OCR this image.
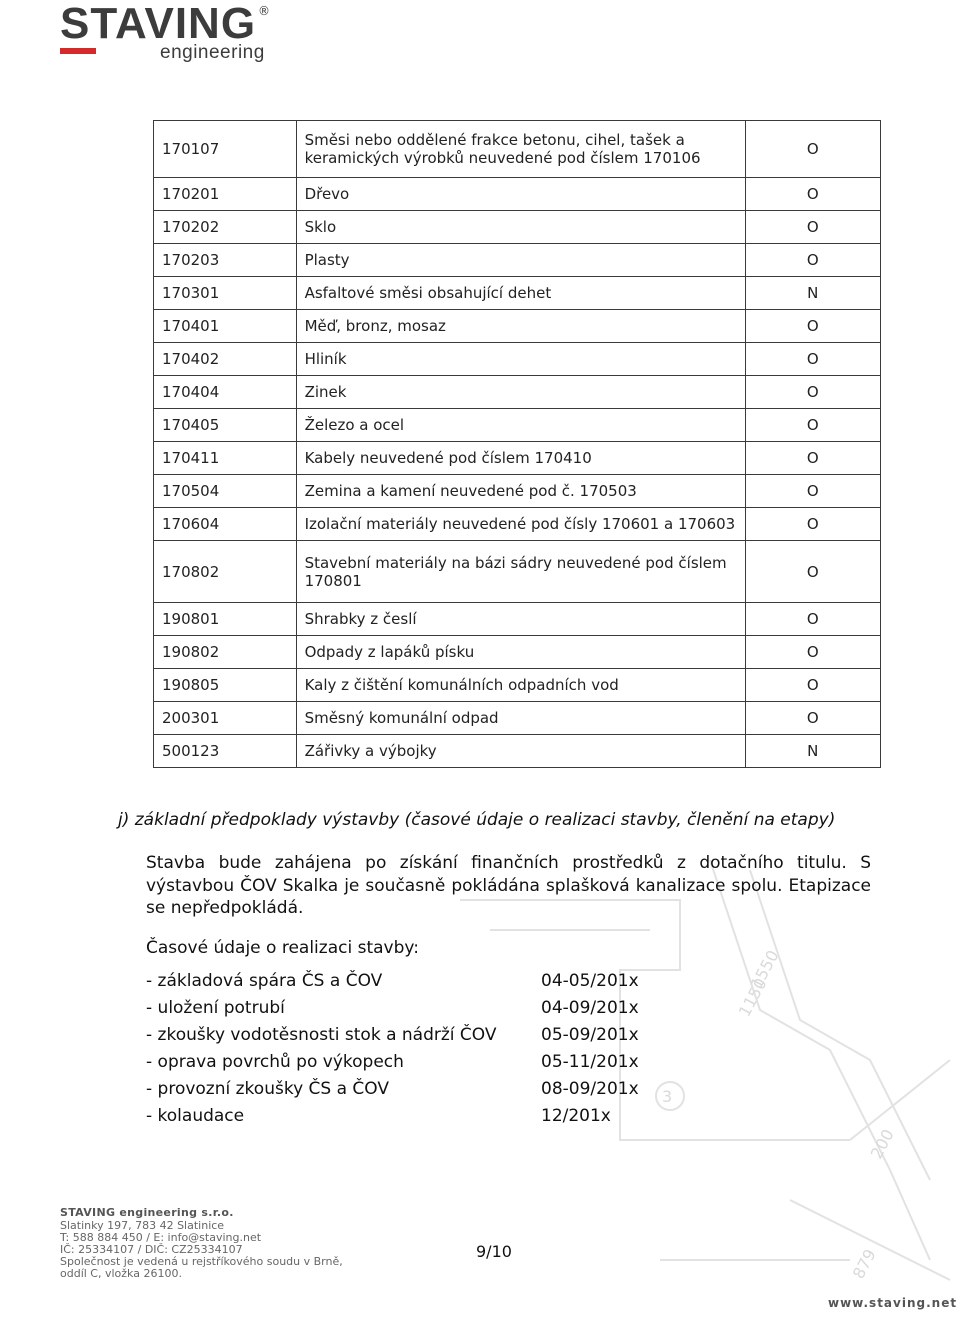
STAVING ®
engineering
1550
1150
3
200
879
170107	Směsi nebo oddělené frakce betonu, cihel, tašek a keramických výrobků neuvedené pod číslem 170106	O
170201	Dřevo	O
170202	Sklo	O
170203	Plasty	O
170301	Asfaltové směsi obsahující dehet	N
170401	Měď, bronz, mosaz	O
170402	Hliník	O
170404	Zinek	O
170405	Železo a ocel	O
170411	Kabely neuvedené pod číslem 170410	O
170504	Zemina a kamení neuvedené pod č. 170503	O
170604	Izolační materiály neuvedené pod čísly 170601 a 170603	O
170802	Stavební materiály na bázi sádry neuvedené pod číslem 170801	O
190801	Shrabky z česlí	O
190802	Odpady z lapáků písku	O
190805	Kaly z čištění komunálních odpadních vod	O
200301	Směsný komunální odpad	O
500123	Zářivky a výbojky	N
j) základní předpoklady výstavby (časové údaje o realizaci stavby, členění na etapy)
Stavba bude zahájena po získání finančních prostředků z dotačního titulu. S výstavbou ČOV Skalka je současně pokládána splašková kanalizace spolu. Etapizace se nepředpokládá.
Časové údaje o realizaci stavby:
- základová spára ČS a ČOV	04-05/201x
- uložení potrubí	04-09/201x
- zkoušky vodotěsnosti stok a nádrží ČOV	05-09/201x
- oprava povrchů po výkopech	05-11/201x
- provozní zkoušky ČS a ČOV	08-09/201x
- kolaudace	12/201x
STAVING engineering s.r.o.
Slatinky 197, 783 42 Slatinice
T: 588 884 450 / E: info@staving.net
IČ: 25334107 / DIČ: CZ25334107
Společnost je vedená u rejstříkového soudu v Brně,
oddíl C, vložka 26100.
9/10
www.staving.net
